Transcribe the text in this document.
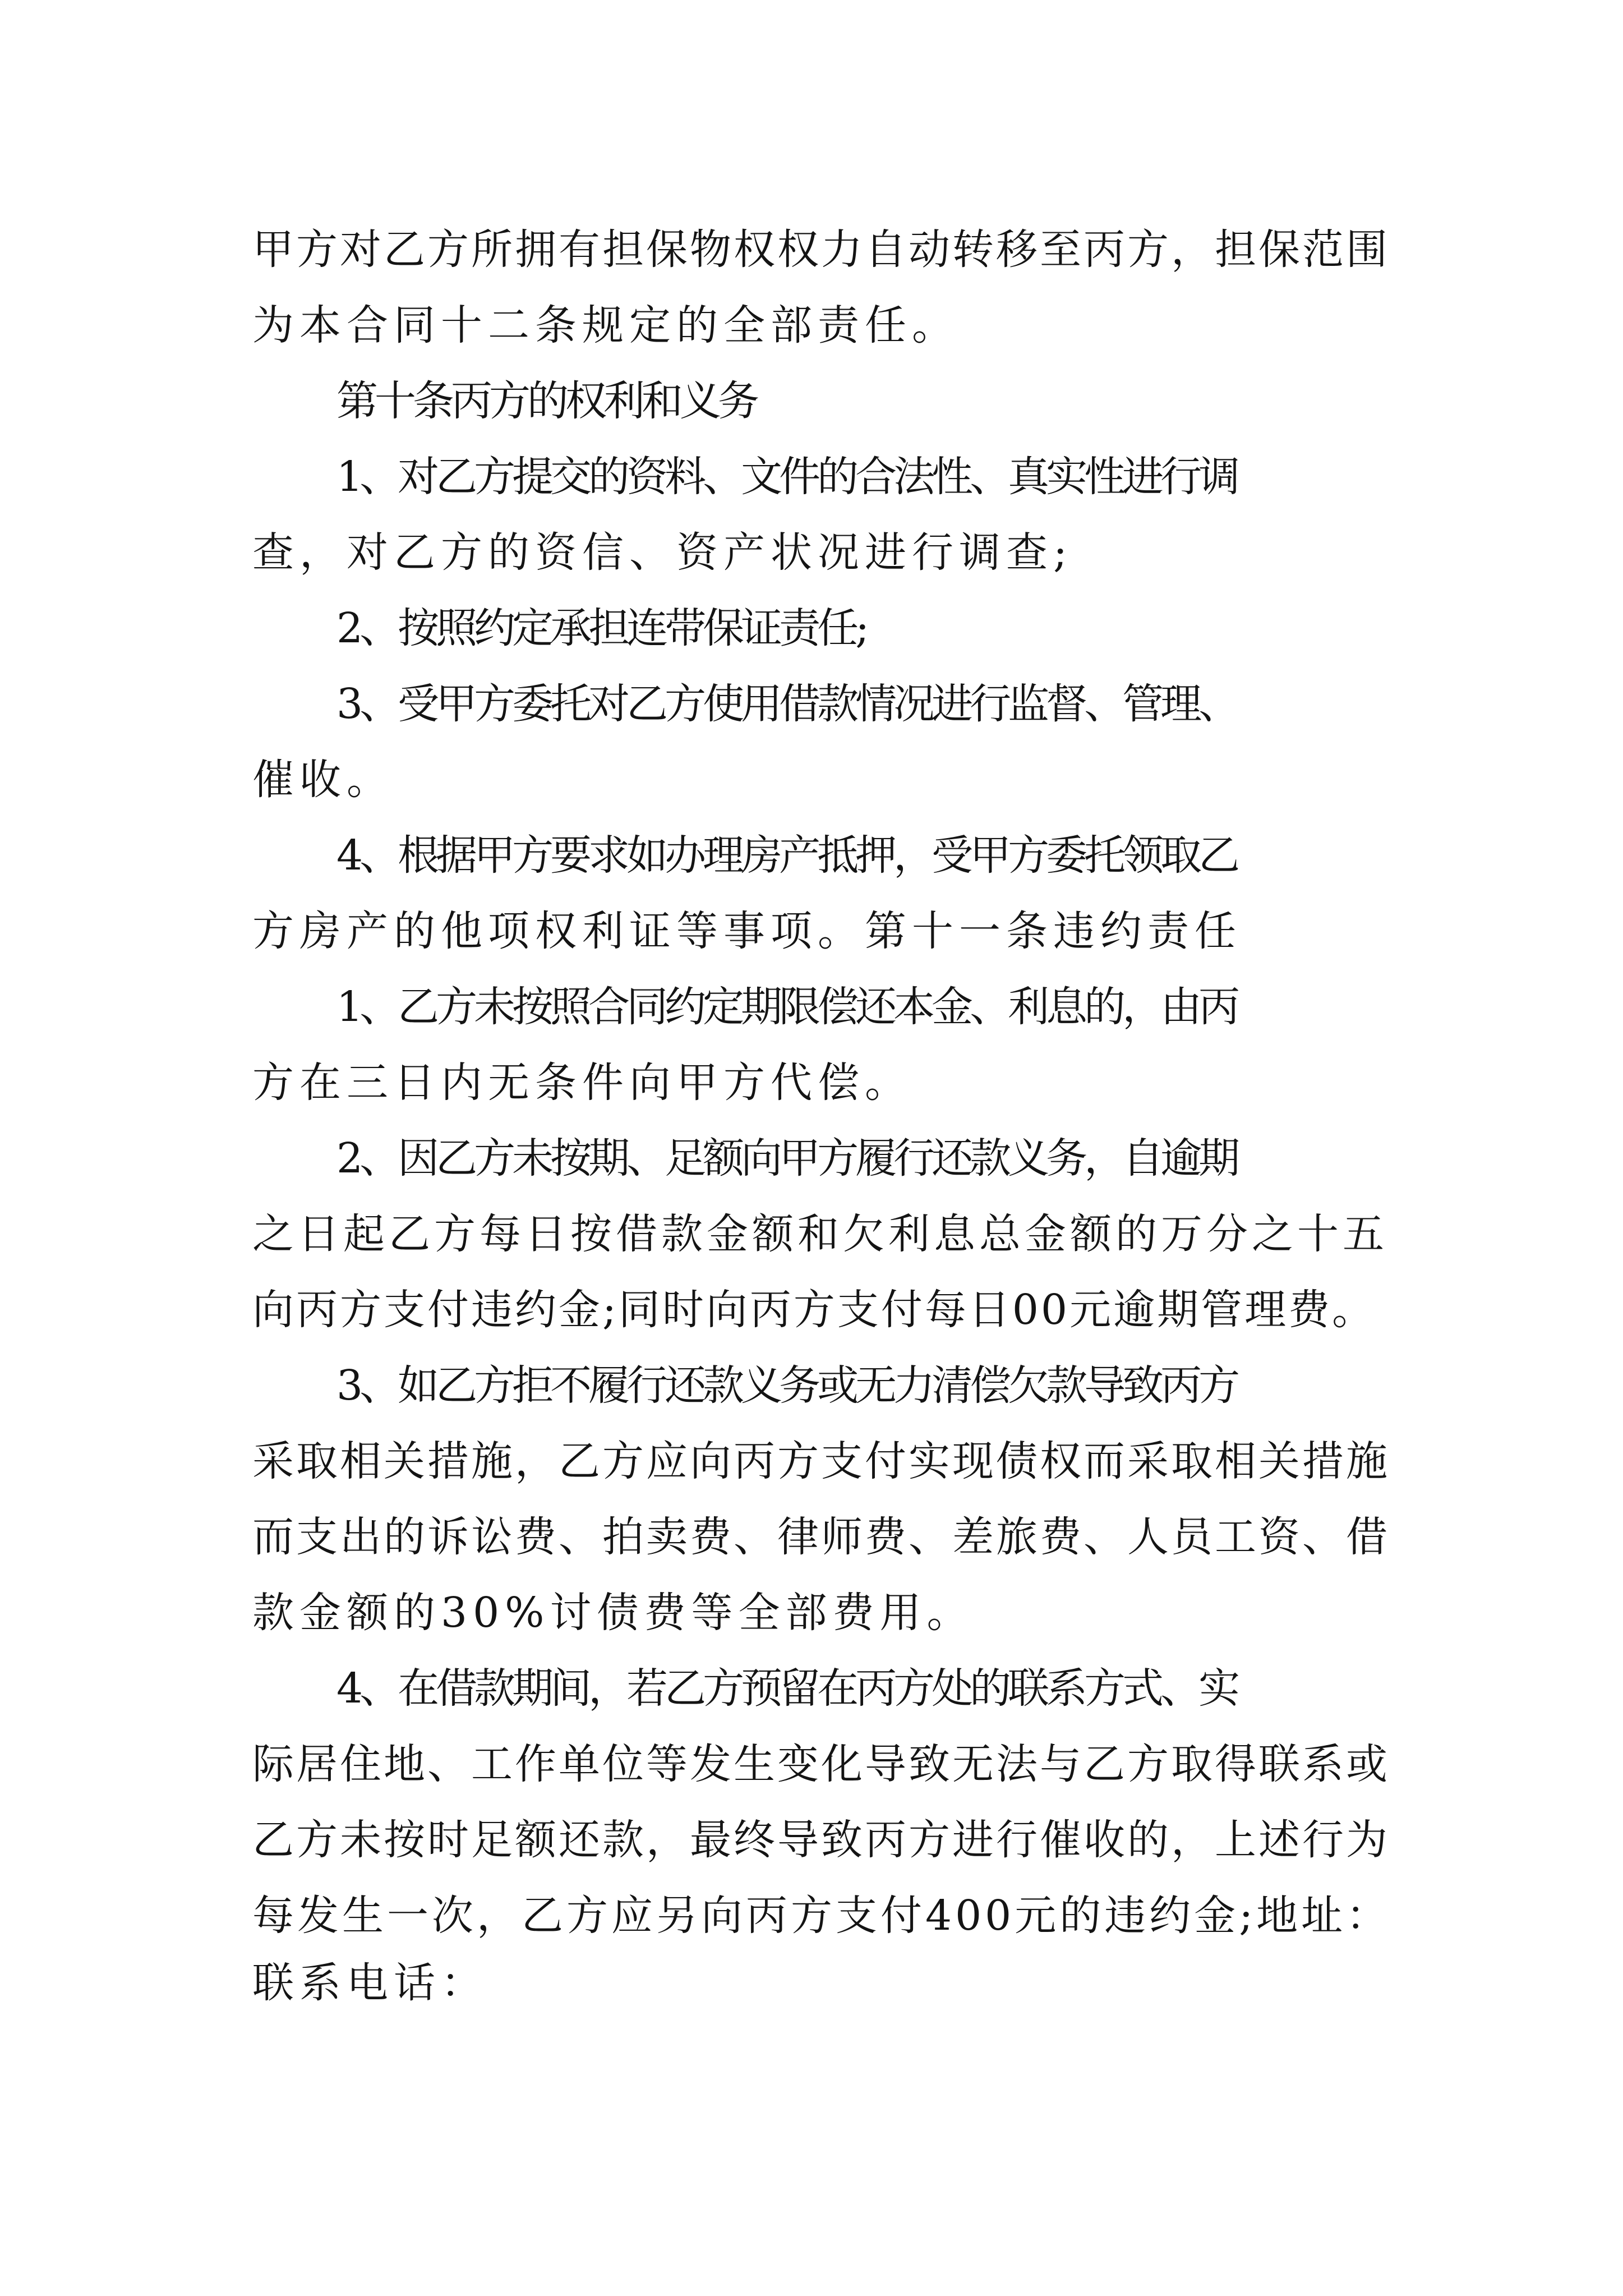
甲方对乙方所拥有担保物权权力自动转移至丙方，担保范围

为本合同十二条规定的全部责任。

第十条丙方的权利和义务

1、对乙方提交的资料、文件的合法性、真实性进行调

查，对乙方的资信、资产状况进行调查;

2、按照约定承担连带保证责任;

3、受甲方委托对乙方使用借款情况进行监督、管理、

催收。

4、根据甲方要求如办理房产抵押，受甲方委托领取乙

方房产的他项权利证等事项。第十一条违约责任

1、乙方未按照合同约定期限偿还本金、利息的，由丙

方在三日内无条件向甲方代偿。

2、因乙方未按期、足额向甲方履行还款义务，自逾期

之日起乙方每日按借款金额和欠利息总金额的万分之十五

向丙方支付违约金;同时向丙方支付每日00元逾期管理费。

3、如乙方拒不履行还款义务或无力清偿欠款导致丙方

采取相关措施，乙方应向丙方支付实现债权而采取相关措施

而支出的诉讼费、拍卖费、律师费、差旅费、人员工资、借

款金额的30%讨债费等全部费用。

4、在借款期间，若乙方预留在丙方处的联系方式、实

际居住地、工作单位等发生变化导致无法与乙方取得联系或

乙方未按时足额还款，最终导致丙方进行催收的，上述行为

每发生一次，乙方应另向丙方支付400元的违约金;地址：

联系电话：
